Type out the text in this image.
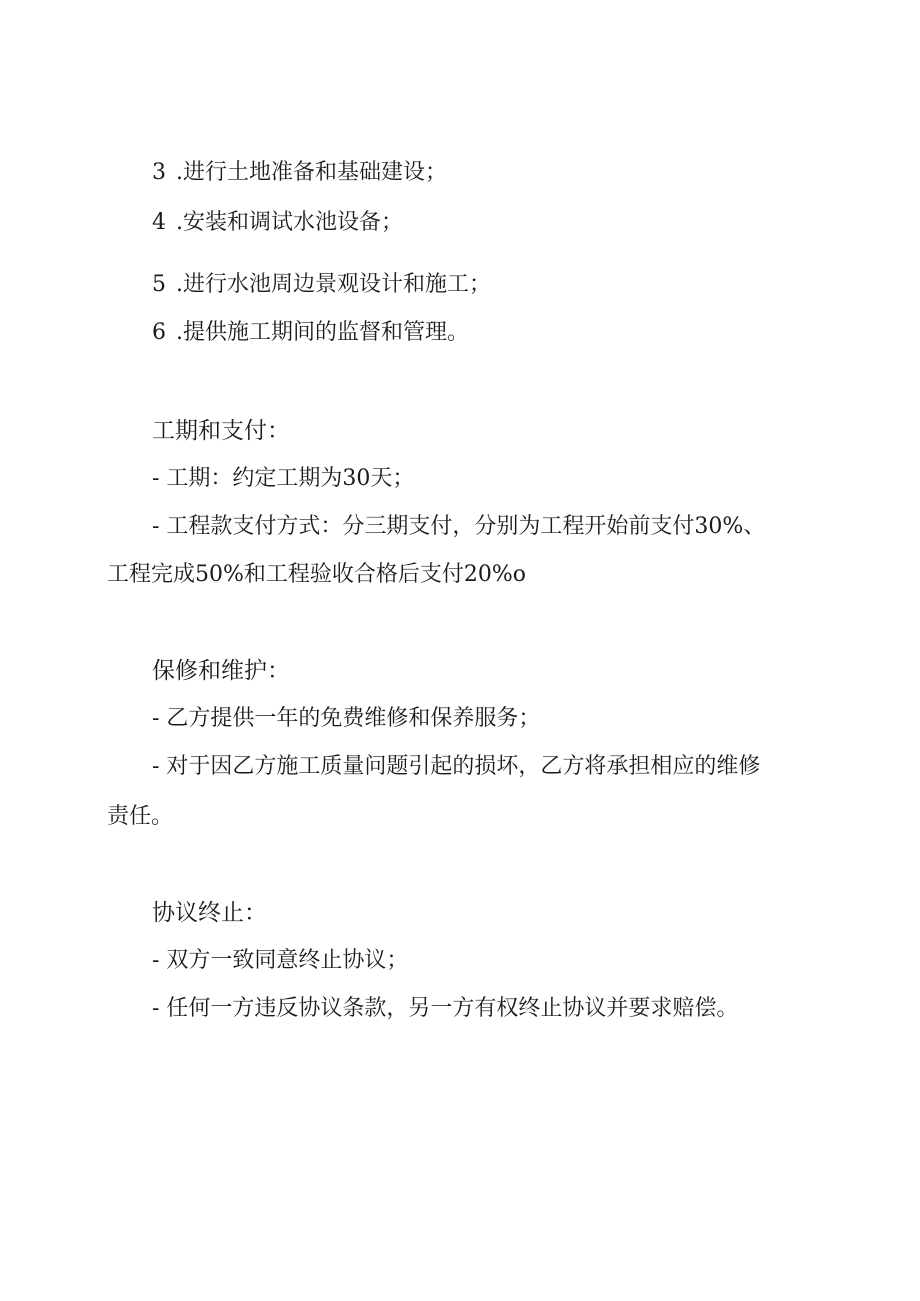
3 .进行土地准备和基础建设；
4 .安装和调试水池设备；
5 .进行水池周边景观设计和施工；
6 .提供施工期间的监督和管理。
工期和支付：
- 工期：约定工期为30天；
- 工程款支付方式：分三期支付，分别为工程开始前支付30%、
工程完成50%和工程验收合格后支付20%o
保修和维护：
- 乙方提供一年的免费维修和保养服务；
- 对于因乙方施工质量问题引起的损坏，乙方将承担相应的维修
责任。
协议终止：
- 双方一致同意终止协议；
- 任何一方违反协议条款，另一方有权终止协议并要求赔偿。
